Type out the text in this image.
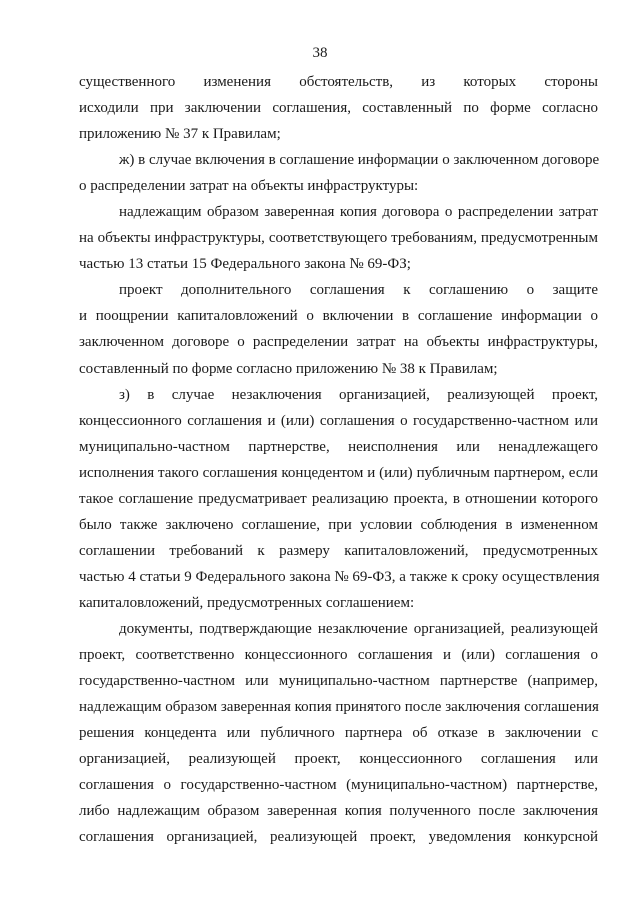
38

существенного изменения обстоятельств, из которых стороны
исходили при заключении соглашения, составленный по форме согласно
приложению № 37 к Правилам;

ж) в случае включения в соглашение информации о заключенном договоре
о распределении затрат на объекты инфраструктуры:

надлежащим образом заверенная копия договора о распределении затрат
на объекты инфраструктуры, соответствующего требованиям, предусмотренным
частью 13 статьи 15 Федерального закона № 69-ФЗ;

проект дополнительного соглашения к соглашению о защите
и поощрении капиталовложений о включении в соглашение информации о
заключенном договоре о распределении затрат на объекты инфраструктуры,
составленный по форме согласно приложению № 38 к Правилам;

з) в случае незаключения организацией, реализующей проект,
концессионного соглашения и (или) соглашения о государственно-частном или
муниципально-частном партнерстве, неисполнения или ненадлежащего
исполнения такого соглашения концедентом и (или) публичным партнером, если
такое соглашение предусматривает реализацию проекта, в отношении которого
было также заключено соглашение, при условии соблюдения в измененном
соглашении требований к размеру капиталовложений, предусмотренных
частью 4 статьи 9 Федерального закона № 69-ФЗ, а также к сроку осуществления
капиталовложений, предусмотренных соглашением:

документы, подтверждающие незаключение организацией, реализующей
проект, соответственно концессионного соглашения и (или) соглашения о
государственно-частном или муниципально-частном партнерстве (например,
надлежащим образом заверенная копия принятого после заключения соглашения
решения концедента или публичного партнера об отказе в заключении с
организацией, реализующей проект, концессионного соглашения или
соглашения о государственно-частном (муниципально-частном) партнерстве,
либо надлежащим образом заверенная копия полученного после заключения
соглашения организацией, реализующей проект, уведомления конкурсной
